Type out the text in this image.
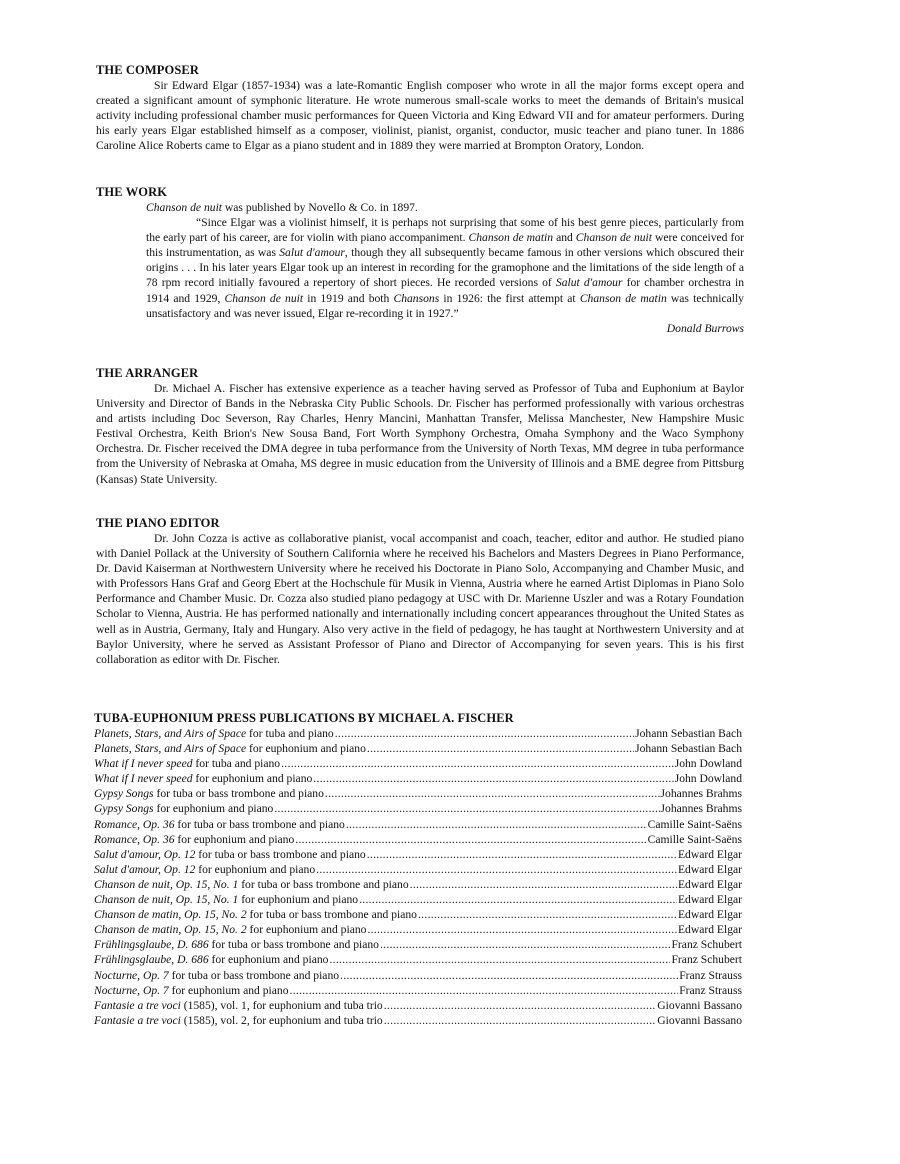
THE COMPOSER

Sir Edward Elgar (1857-1934) was a late-Romantic English composer who wrote in all the major forms except opera and created a significant amount of symphonic literature. He wrote numerous small-scale works to meet the demands of Britain's musical activity including professional chamber music performances for Queen Victoria and King Edward VII and for amateur performers. During his early years Elgar established himself as a composer, violinist, pianist, organist, conductor, music teacher and piano tuner. In 1886 Caroline Alice Roberts came to Elgar as a piano student and in 1889 they were married at Brompton Oratory, London.

THE WORK

Chanson de nuit was published by Novello & Co. in 1897.

“Since Elgar was a violinist himself, it is perhaps not surprising that some of his best genre pieces, particularly from the early part of his career, are for violin with piano accompaniment. Chanson de matin and Chanson de nuit were conceived for this instrumentation, as was Salut d'amour, though they all subsequently became famous in other versions which obscured their origins . . . In his later years Elgar took up an interest in recording for the gramophone and the limitations of the side length of a 78 rpm record initially favoured a repertory of short pieces. He recorded versions of Salut d'amour for chamber orchestra in 1914 and 1929, Chanson de nuit in 1919 and both Chansons in 1926: the first attempt at Chanson de matin was technically unsatisfactory and was never issued, Elgar re-recording it in 1927.”

Donald Burrows
THE ARRANGER

Dr. Michael A. Fischer has extensive experience as a teacher having served as Professor of Tuba and Euphonium at Baylor University and Director of Bands in the Nebraska City Public Schools. Dr. Fischer has performed professionally with various orchestras and artists including Doc Severson, Ray Charles, Henry Mancini, Manhattan Transfer, Melissa Manchester, New Hampshire Music Festival Orchestra, Keith Brion's New Sousa Band, Fort Worth Symphony Orchestra, Omaha Symphony and the Waco Symphony Orchestra. Dr. Fischer received the DMA degree in tuba performance from the University of North Texas, MM degree in tuba performance from the University of Nebraska at Omaha, MS degree in music education from the University of Illinois and a BME degree from Pittsburg (Kansas) State University.

THE PIANO EDITOR

Dr. John Cozza is active as collaborative pianist, vocal accompanist and coach, teacher, editor and author. He studied piano with Daniel Pollack at the University of Southern California where he received his Bachelors and Masters Degrees in Piano Performance, Dr. David Kaiserman at Northwestern University where he received his Doctorate in Piano Solo, Accompanying and Chamber Music, and with Professors Hans Graf and Georg Ebert at the Hochschule für Musik in Vienna, Austria where he earned Artist Diplomas in Piano Solo Performance and Chamber Music. Dr. Cozza also studied piano pedagogy at USC with Dr. Marienne Uszler and was a Rotary Foundation Scholar to Vienna, Austria. He has performed nationally and internationally including concert appearances throughout the United States as well as in Austria, Germany, Italy and Hungary. Also very active in the field of pedagogy, he has taught at Northwestern University and at Baylor University, where he served as Assistant Professor of Piano and Director of Accompanying for seven years. This is his first collaboration as editor with Dr. Fischer.

TUBA-EUPHONIUM PRESS PUBLICATIONS BY MICHAEL A. FISCHER
Planets, Stars, and Airs of Space for tuba and piano .....	Johann Sebastian Bach
Planets, Stars, and Airs of Space for euphonium and piano .....	Johann Sebastian Bach
What if I never speed for tuba and piano .....	John Dowland
What if I never speed for euphonium and piano .....	John Dowland
Gypsy Songs for tuba or bass trombone and piano .....	Johannes Brahms
Gypsy Songs for euphonium and piano .....	Johannes Brahms
Romance, Op. 36 for tuba or bass trombone and piano .....	Camille Saint-Saëns
Romance, Op. 36 for euphonium and piano .....	Camille Saint-Saëns
Salut d'amour, Op. 12 for tuba or bass trombone and piano .....	Edward Elgar
Salut d'amour, Op. 12 for euphonium and piano .....	Edward Elgar
Chanson de nuit, Op. 15, No. 1 for tuba or bass trombone and piano .....	Edward Elgar
Chanson de nuit, Op. 15, No. 1 for euphonium and piano .....	Edward Elgar
Chanson de matin, Op. 15, No. 2 for tuba or bass trombone and piano .....	Edward Elgar
Chanson de matin, Op. 15, No. 2 for euphonium and piano .....	Edward Elgar
Frühlingsglaube, D. 686 for tuba or bass trombone and piano .....	Franz Schubert
Frühlingsglaube, D. 686 for euphonium and piano .....	Franz Schubert
Nocturne, Op. 7 for tuba or bass trombone and piano .....	Franz Strauss
Nocturne, Op. 7 for euphonium and piano .....	Franz Strauss
Fantasie a tre voci (1585), vol. 1, for euphonium and tuba trio .....	Giovanni Bassano
Fantasie a tre voci (1585), vol. 2, for euphonium and tuba trio .....	Giovanni Bassano
